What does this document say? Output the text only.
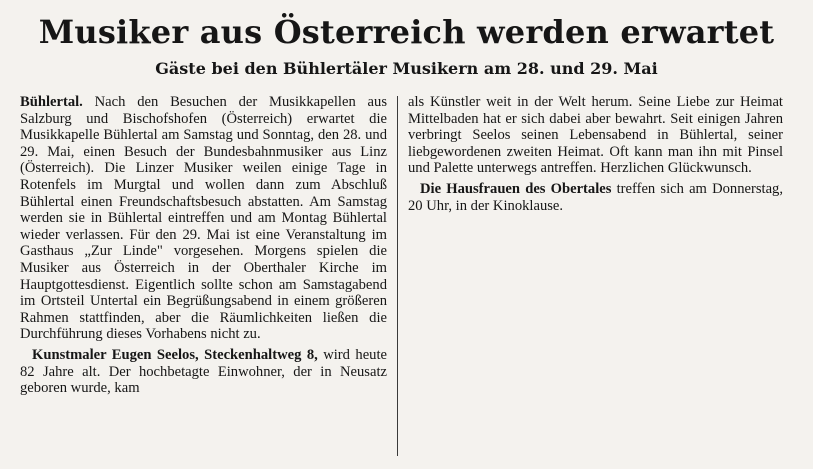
Musiker aus Österreich werden erwartet
Gäste bei den Bühlertäler Musikern am 28. und 29. Mai

Bühlertal. Nach den Besuchen der Musikkapellen aus Salzburg und Bischofshofen (Österreich) erwartet die Musikkapelle Bühlertal am Samstag und Sonntag, den 28. und 29. Mai, einen Besuch der Bundesbahnmusiker aus Linz (Österreich). Die Linzer Musiker weilen einige Tage in Rotenfels im Murgtal und wollen dann zum Abschluß Bühlertal einen Freundschaftsbesuch abstatten. Am Samstag werden sie in Bühlertal eintreffen und am Montag Bühlertal wieder verlassen. Für den 29. Mai ist eine Veranstaltung im Gasthaus „Zur Linde" vorgesehen. Morgens spielen die Musiker aus Österreich in der Oberthaler Kirche im Hauptgottesdienst. Eigentlich sollte schon am Samstagabend im Ortsteil Untertal ein Begrüßungsabend in einem größeren Rahmen stattfinden, aber die Räumlichkeiten ließen die Durchführung dieses Vorhabens nicht zu.

Kunstmaler Eugen Seelos, Steckenhaltweg 8, wird heute 82 Jahre alt. Der hochbetagte Einwohner, der in Neusatz geboren wurde, kam

als Künstler weit in der Welt herum. Seine Liebe zur Heimat Mittelbaden hat er sich dabei aber bewahrt. Seit einigen Jahren verbringt Seelos seinen Lebensabend in Bühlertal, seiner liebgewordenen zweiten Heimat. Oft kann man ihn mit Pinsel und Palette unterwegs antreffen. Herzlichen Glückwunsch.

Die Hausfrauen des Obertales treffen sich am Donnerstag, 20 Uhr, in der Kinoklause.
